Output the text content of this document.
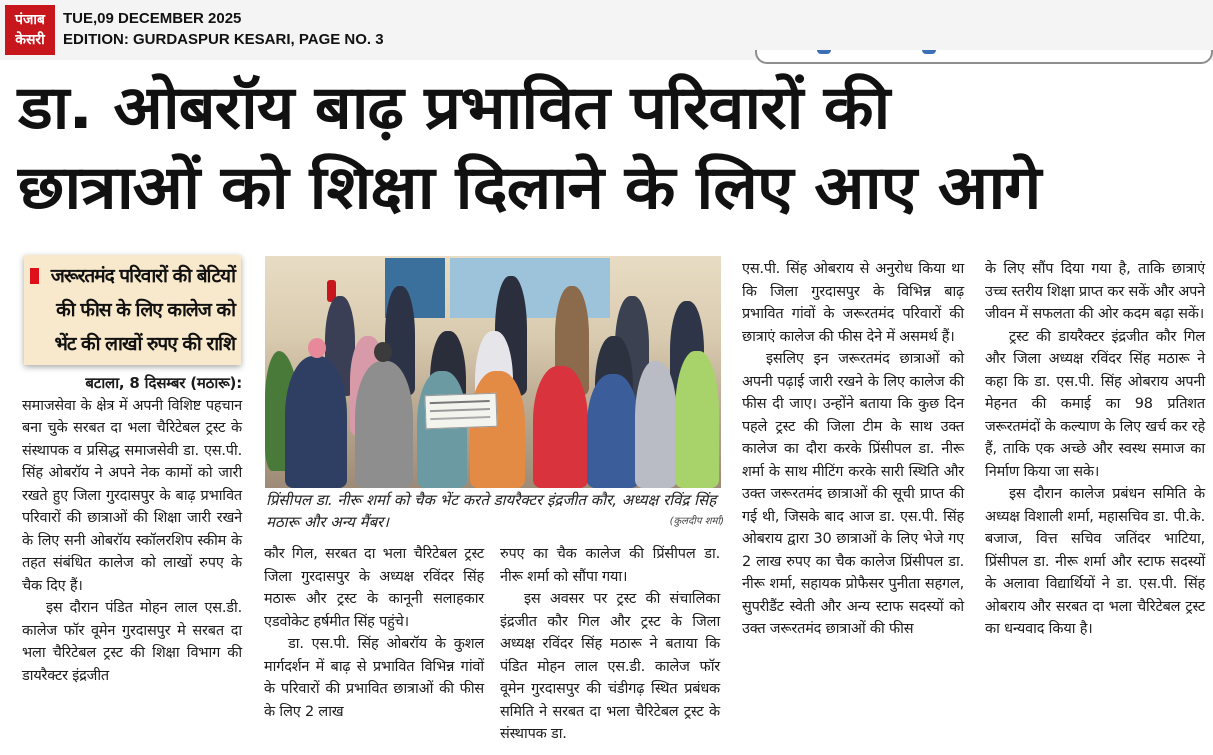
पंजाब
केसरी
TUE,09 DECEMBER 2025
EDITION: GURDASPUR KESARI, PAGE NO. 3
डा. ओबरॉय बाढ़ प्रभावित परिवारों की
छात्राओं को शिक्षा दिलाने के लिए आए आगे
जरूरतमंद परिवारों की बेटियों
की फीस के लिए कालेज को
भेंट की लाखों रुपए की राशि

बटाला, 8 दिसम्बर (मठारू):

समाजसेवा के क्षेत्र में अपनी विशिष्ट पहचान बना चुके सरबत दा भला चैरिटेबल ट्रस्ट के संस्थापक व प्रसिद्ध समाजसेवी डा. एस.पी. सिंह ओबरॉय ने अपने नेक कामों को जारी रखते हुए जिला गुरदासपुर के बाढ़ प्रभावित परिवारों की छात्राओं की शिक्षा जारी रखने के लिए सनी ओबरॉय स्कॉलरशिप स्कीम के तहत संबंधित कालेज को लाखों रुपए के चैक दिए हैं।

इस दौरान पंडित मोहन लाल एस.डी. कालेज फॉर वूमेन गुरदासपुर मे सरबत दा भला चैरिटेबल ट्रस्ट की शिक्षा विभाग की डायरैक्टर इंद्रजीत

प्रिंसीपल डा. नीरू शर्मा को चैक भेंट करते डायरैक्टर इंद्रजीत कौर, अध्यक्ष रविंद्र सिंह मठारू और अन्य मैंबर।	(कुलदीप शर्मा)

कौर गिल, सरबत दा भला चैरिटेबल ट्रस्ट जिला गुरदासपुर के अध्यक्ष रविंदर सिंह मठारू और ट्रस्ट के कानूनी सलाहकार एडवोकेट हर्षमीत सिंह पहुंचे।

डा. एस.पी. सिंह ओबरॉय के कुशल मार्गदर्शन में बाढ़ से प्रभावित विभिन्न गांवों के परिवारों की प्रभावित छात्राओं की फीस के लिए 2 लाख

रुपए का चैक कालेज की प्रिंसीपल डा. नीरू शर्मा को सौंपा गया।

इस अवसर पर ट्रस्ट की संचालिका इंद्रजीत कौर गिल और ट्रस्ट के जिला अध्यक्ष रविंदर सिंह मठारू ने बताया कि पंडित मोहन लाल एस.डी. कालेज फॉर वूमेन गुरदासपुर की चंडीगढ़ स्थित प्रबंधक समिति ने सरबत दा भला चैरिटेबल ट्रस्ट के संस्थापक डा.

एस.पी. सिंह ओबराय से अनुरोध किया था कि जिला गुरदासपुर के विभिन्न बाढ़ प्रभावित गांवों के जरूरतमंद परिवारों की छात्राएं कालेज की फीस देने में असमर्थ हैं।

इसलिए इन जरूरतमंद छात्राओं को अपनी पढ़ाई जारी रखने के लिए कालेज की फीस दी जाए। उन्होंने बताया कि कुछ दिन पहले ट्रस्ट की जिला टीम के साथ उक्त कालेज का दौरा करके प्रिंसीपल डा. नीरू शर्मा के साथ मीटिंग करके सारी स्थिति और उक्त जरूरतमंद छात्राओं की सूची प्राप्त की गई थी, जिसके बाद आज डा. एस.पी. सिंह ओबराय द्वारा 30 छात्राओं के लिए भेजे गए 2 लाख रुपए का चैक कालेज प्रिंसीपल डा. नीरू शर्मा, सहायक प्रोफैसर पुनीता सहगल, सुपरीडैंट स्वेती और अन्य स्टाफ सदस्यों को उक्त जरूरतमंद छात्राओं की फीस

के लिए सौंप दिया गया है, ताकि छात्राएं उच्च स्तरीय शिक्षा प्राप्त कर सकें और अपने जीवन में सफलता की ओर कदम बढ़ा सकें।

ट्रस्ट की डायरैक्टर इंद्रजीत कौर गिल और जिला अध्यक्ष रविंदर सिंह मठारू ने कहा कि डा. एस.पी. सिंह ओबराय अपनी मेहनत की कमाई का 98 प्रतिशत जरूरतमंदों के कल्याण के लिए खर्च कर रहे हैं, ताकि एक अच्छे और स्वस्थ समाज का निर्माण किया जा सके।

इस दौरान कालेज प्रबंधन समिति के अध्यक्ष विशाली शर्मा, महासचिव डा. पी.के. बजाज, वित्त सचिव जतिंदर भाटिया, प्रिंसीपल डा. नीरू शर्मा और स्टाफ सदस्यों के अलावा विद्यार्थियों ने डा. एस.पी. सिंह ओबराय और सरबत दा भला चैरिटेबल ट्रस्ट का धन्यवाद किया है।
